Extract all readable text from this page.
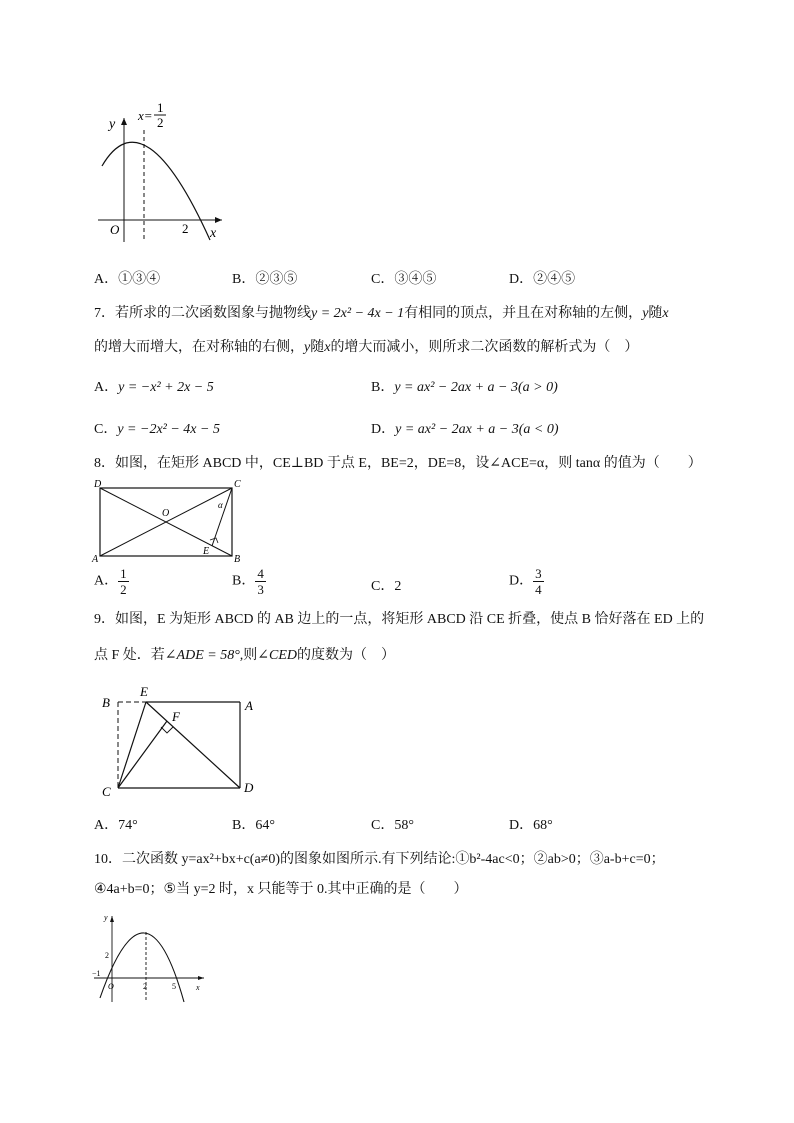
y
x
x=
1
2
O	2
A．①③④	B．②③⑤	C．③④⑤	D．②④⑤
7．若所求的二次函数图象与抛物线y = 2x² − 4x − 1有相同的顶点，并且在对称轴的左侧，y随x
的增大而增大，在对称轴的右侧，y随x的增大而减小，则所求二次函数的解析式为（　）
A．y = −x² + 2x − 5	B．y = ax² − 2ax + a − 3(a > 0)
C．y = −2x² − 4x − 5	D．y = ax² − 2ax + a − 3(a < 0)
8．如图，在矩形 ABCD 中，CE⊥BD 于点 E，BE=2，DE=8，设∠ACE=α，则 tanα 的值为（　　）
D	C
A	B
O
E
α
A． $\frac{1}{2}$	B． $\frac{4}{3}$	C．2	D． $\frac{3}{4}$
9．如图，E 为矩形 ABCD 的 AB 边上的一点，将矩形 ABCD 沿 CE 折叠，使点 B 恰好落在 ED 上的
点 F 处．若∠ADE = 58°,则∠CED的度数为（　）
B
E
A
F
C	D
A．74°	B．64°	C．58°	D．68°
10．二次函数 y=ax²+bx+c(a≠0)的图象如图所示.有下列结论:①b²-4ac<0；②ab>0；③a-b+c=0；
④4a+b=0；⑤当 y=2 时，x 只能等于 0.其中正确的是（　　）
y
x
2
−1
O	2	5
